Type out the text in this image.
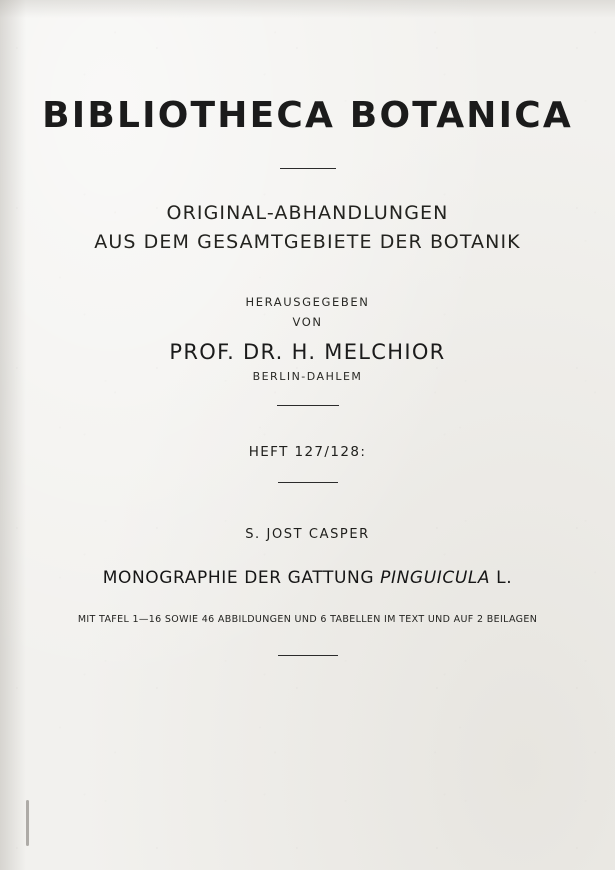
BIBLIOTHECA BOTANICA
ORIGINAL-ABHANDLUNGEN
AUS DEM GESAMTGEBIETE DER BOTANIK
HERAUSGEGEBEN
VON
PROF. DR. H. MELCHIOR
BERLIN-DAHLEM
HEFT 127/128:
S. JOST CASPER
MONOGRAPHIE DER GATTUNG PINGUICULA L.
MIT TAFEL 1—16 SOWIE 46 ABBILDUNGEN UND 6 TABELLEN IM TEXT UND AUF 2 BEILAGEN
